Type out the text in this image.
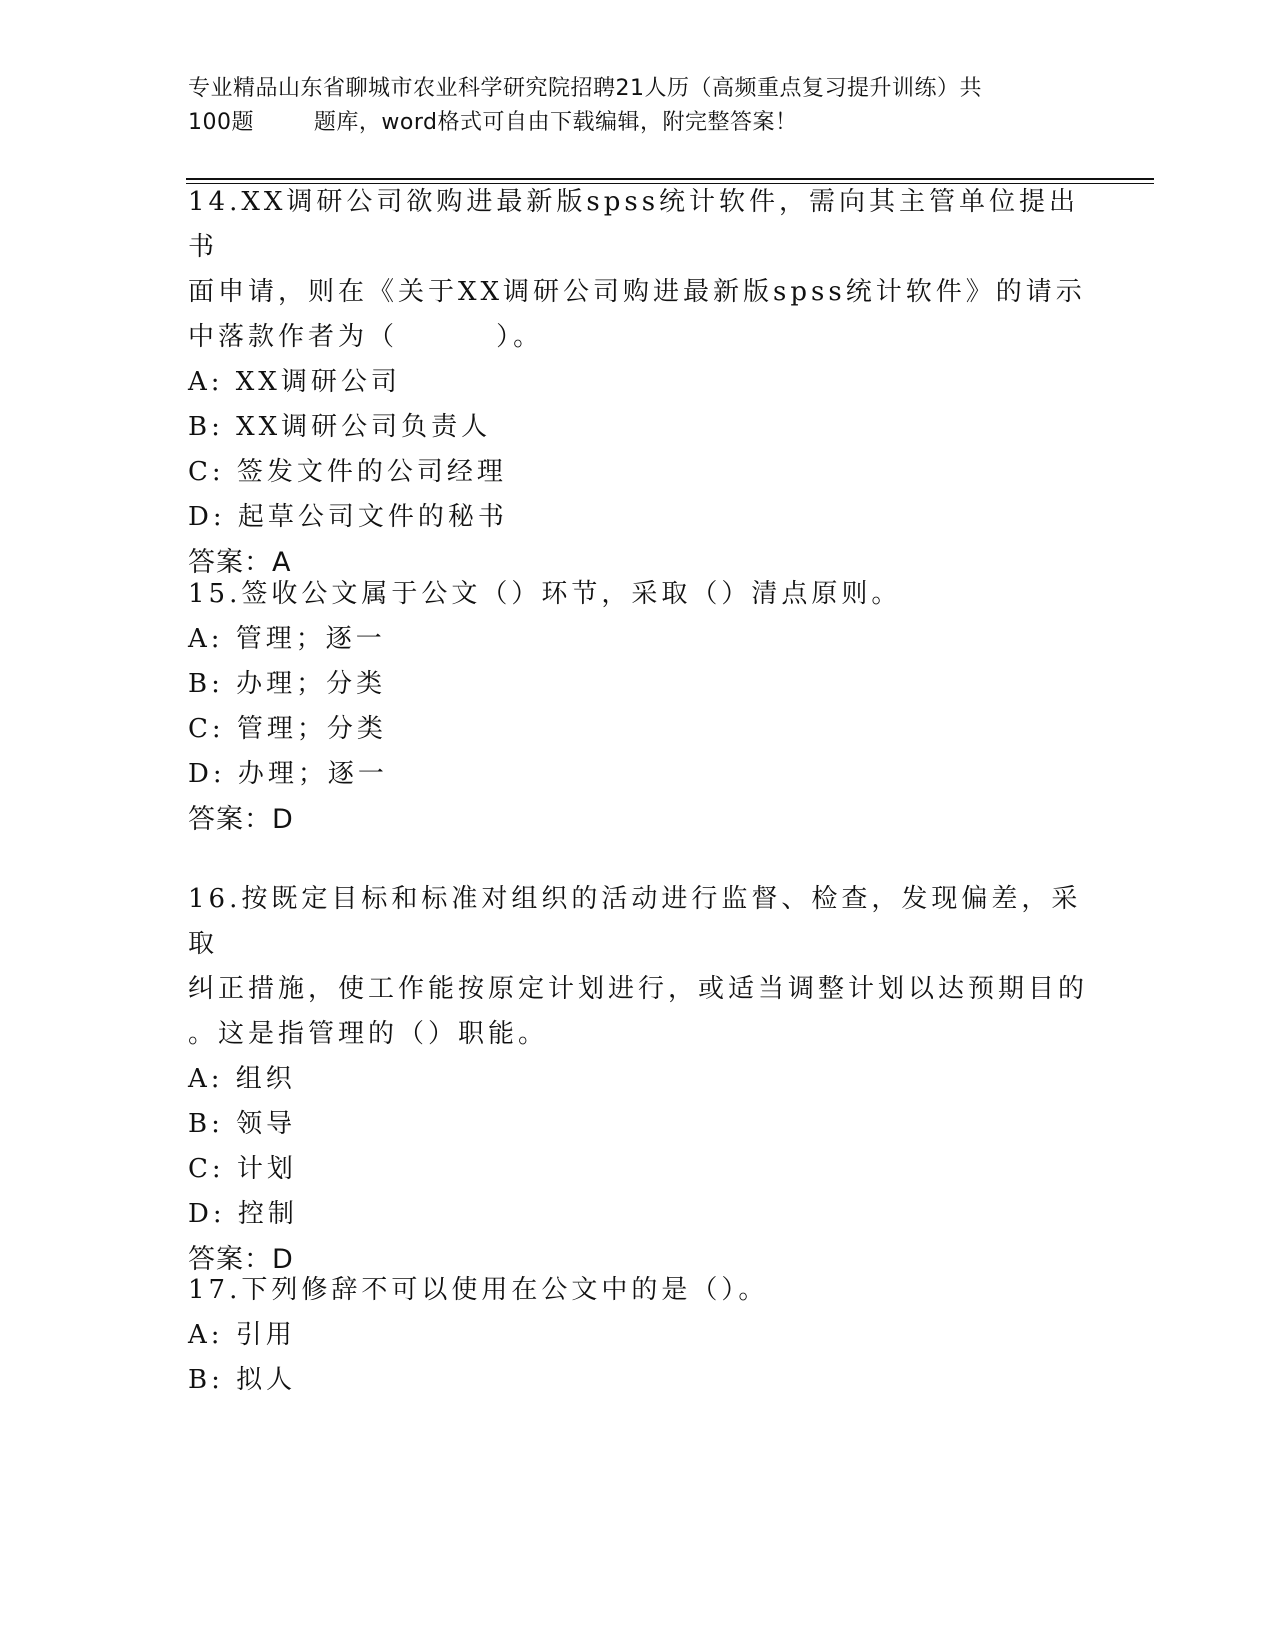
专业精品山东省聊城市农业科学研究院招聘21人历（高频重点复习提升训练）共
100题        题库，word格式可自由下载编辑，附完整答案！
14.XX调研公司欲购进最新版spss统计软件，需向其主管单位提出书
面申请，则在《关于XX调研公司购进最新版spss统计软件》的请示
中落款作者为（        ）。
A: XX调研公司
B: XX调研公司负责人
C: 签发文件的公司经理
D: 起草公司文件的秘书
答案：A
15.签收公文属于公文（）环节，采取（）清点原则。
A: 管理；逐一
B: 办理；分类
C: 管理；分类
D: 办理；逐一
答案：D
16.按既定目标和标准对组织的活动进行监督、检查，发现偏差，采取
纠正措施，使工作能按原定计划进行，或适当调整计划以达预期目的
。这是指管理的（）职能。
A: 组织
B: 领导
C: 计划
D: 控制
答案：D
17.下列修辞不可以使用在公文中的是（）。
A: 引用
B: 拟人
